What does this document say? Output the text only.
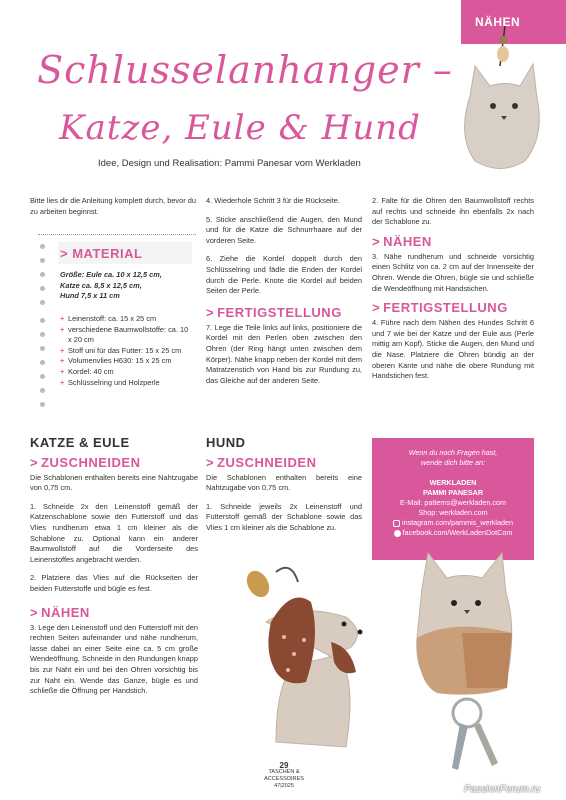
NÄHEN
Schlusselanhanger –
Katze, Eule & Hund
Idee, Design und Realisation: Pammi Panesar vom Werkladen
Bitte lies dir die Anleitung komplett durch, bevor du zu arbeiten beginnst.
> MATERIAL
Größe: Eule ca. 10 x 12,5 cm,
Katze ca. 8,5 x 12,5 cm,
Hund 7,5 x 11 cm
+ Leinenstoff: ca. 15 x 25 cm
+ verschiedene Baumwollstoffe: ca. 10 x 20 cm
+ Stoff uni für das Futter: 15 x 25 cm
+ Volumenvlies H630: 15 x 25 cm
+ Kordel: 40 cm
+ Schlüsselring und Holzperle

4. Wiederhole Schritt 3 für die Rückseite.

5. Sticke anschließend die Augen, den Mund und für die Katze die Schnurrhaare auf der vorderen Seite.

6. Ziehe die Kordel doppelt durch den Schlüsselring und fädle die Enden der Kordel durch die Perle. Knote die Kordel auf beiden Seiten der Perle.

> FERTIGSTELLUNG

7. Lege die Teile links auf links, positioniere die Kordel mit den Perlen oben zwischen den Ohren (der Ring hängt unten zwischen dem Körper). Nähe knapp neben der Kordel mit dem Matratzenstich von Hand bis zur Rundung zu, das Gleiche auf der anderen Seite.

2. Falte für die Ohren den Baumwollstoff rechts auf rechts und schneide ihn ebenfalls 2x nach der Schablone zu.

> NÄHEN

3. Nähe rundherum und schneide vorsichtig einen Schlitz von ca. 2 cm auf der Innenseite der Ohren. Wende die Ohren, bügle sie und schließe die Wendeöffnung mit Handstichen.

> FERTIGSTELLUNG

4. Führe nach dem Nähen des Hundes Schritt 6 und 7 wie bei der Katze und der Eule aus (Perle mittig am Kopf). Sticke die Augen, den Mund und die Nase. Platziere die Ohren bündig an der oberen Kante und nähe die obere Rundung mit Handstichen fest.

KATZE & EULE
> ZUSCHNEIDEN

Die Schablonen enthalten bereits eine Nahtzugabe von 0,75 cm.

1. Schneide 2x den Leinenstoff gemäß der Katzenschablone sowie den Futterstoff und das Vlies rundherum etwa 1 cm kleiner als die Schablone zu. Optional kann ein anderer Baumwollstoff auf die Vorderseite des Leinenstoffes angebracht werden.

2. Platziere das Vlies auf die Rückseiten der beiden Futterstoffe und bügle es fest.

> NÄHEN

3. Lege den Leinenstoff und den Futterstoff mit den rechten Seiten aufeinander und nähe rundherum, lasse dabei an einer Seite eine ca. 5 cm große Wendeöffnung. Schneide in den Rundungen knapp bis zur Naht ein und bei den Ohren vorsichtig bis zur Naht ein. Wende das Ganze, bügle es und schließe die Öffnung per Handstich.

HUND
> ZUSCHNEIDEN

Die Schablonen enthalten bereits eine Nahtzugabe von 0,75 cm.

1. Schneide jeweils 2x Leinenstoff und Futterstoff gemäß der Schablone sowie das Vlies 1 cm kleiner als die Schablone zu.

Wenn du noch Fragen hast,
wende dich bitte an:
WERKLADEN
PAMMI PANESAR
E-Mail: patterns@werkladen.com
Shop: werkladen.com
instagram.com/pammis_werkladen
facebook.com/WerkLadenDotCom
29
TASCHEN &
ACCESSOIRES
47|2025	PassionForum.ru
